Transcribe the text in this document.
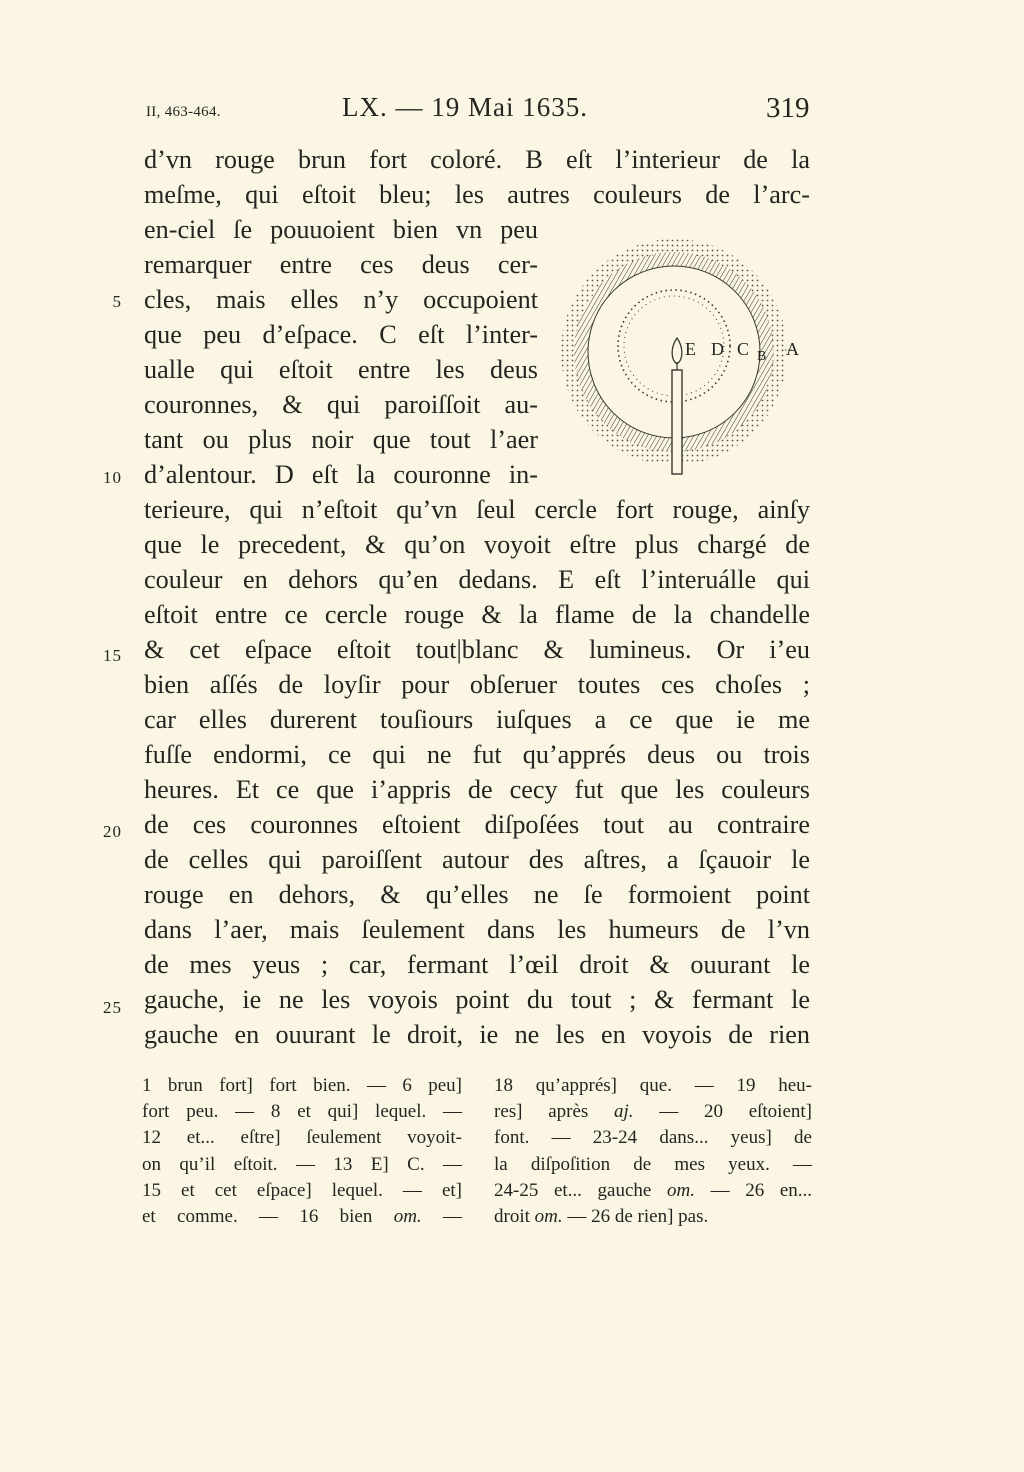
II, 463-464.	LX. — 19 Mai 1635.	319
d’vn rouge brun fort coloré. B eſt l’interieur de la
meſme, qui eſtoit bleu; les autres couleurs de l’arc-
en-ciel ſe pouuoient bien vn peu
remarquer entre ces deus cer-
cles, mais elles n’y occupoient
que peu d’eſpace. C eſt l’inter-
ualle qui eſtoit entre les deus
couronnes, & qui paroiſſoit au-
tant ou plus noir que tout l’aer
d’alentour. D eſt la couronne in-
terieure, qui n’eſtoit qu’vn ſeul cercle fort rouge, ainſy
que le precedent, & qu’on voyoit eſtre plus chargé de
couleur en dehors qu’en dedans. E eſt l’interuálle qui
eſtoit entre ce cercle rouge & la flame de la chandelle
& cet eſpace eſtoit tout|blanc & lumineus. Or i’eu
bien aſſés de loyſir pour obſeruer toutes ces choſes ;
car elles durerent touſiours iuſques a ce que ie me
fuſſe endormi, ce qui ne fut qu’apprés deus ou trois
heures. Et ce que i’appris de cecy fut que les couleurs
de ces couronnes eſtoient diſpoſées tout au contraire
de celles qui paroiſſent autour des aſtres, a ſçauoir le
rouge en dehors, & qu’elles ne ſe formoient point
dans l’aer, mais ſeulement dans les humeurs de l’vn
de mes yeus ; car, fermant l’œil droit & ouurant le
gauche, ie ne les voyois point du tout ; & fermant le
gauche en ouurant le droit, ie ne les en voyois de rien
5
10
15
20
25
E D C B A
1 brun fort] fort bien. — 6 peu]
fort peu. — 8 et qui] lequel. —
12 et... eſtre] ſeulement voyoit-
on qu’il eſtoit. — 13 E] C. —
15 et cet eſpace] lequel. — et]
et comme. — 16 bien om. —
18 qu’apprés] que. — 19 heu-
res] après aj. — 20 eſtoient]
font. — 23-24 dans... yeus] de
la diſpoſition de mes yeux. —
24-25 et... gauche om. — 26 en...
droit om. — 26 de rien] pas.
